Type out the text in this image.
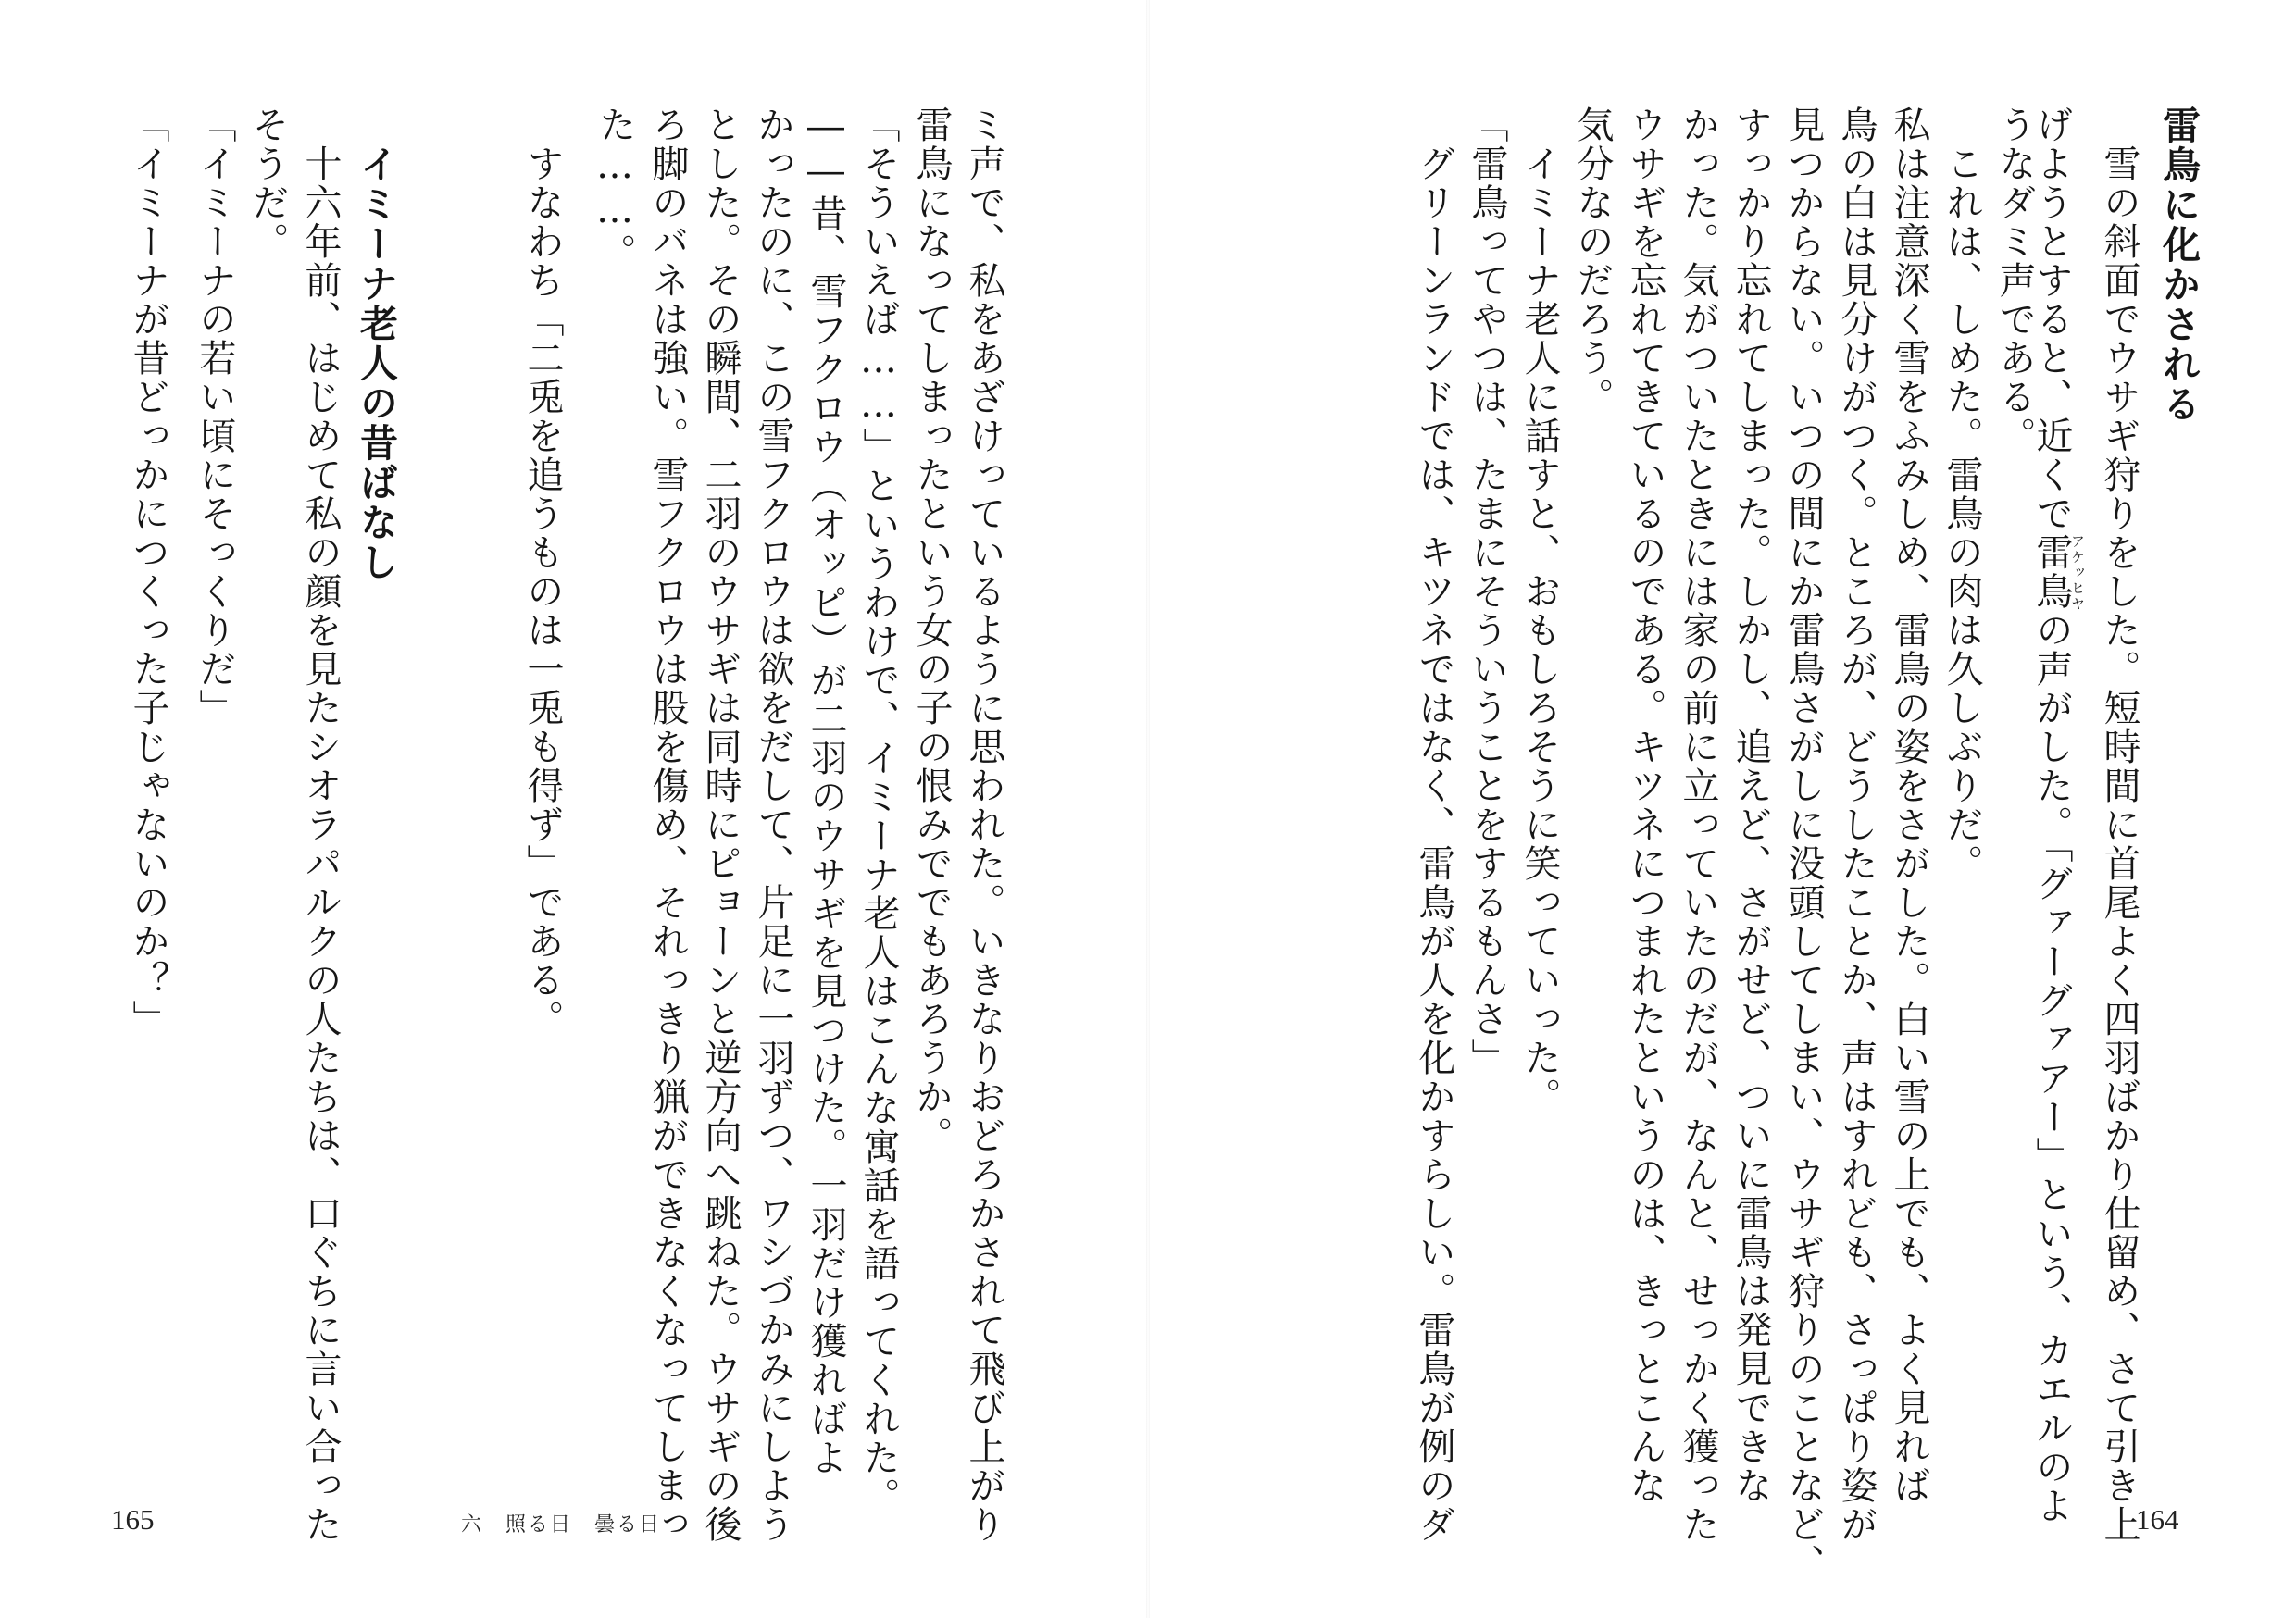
雷鳥に化かされる
雪の斜面でウサギ狩りをした。短時間に首尾よく四羽ばかり仕留め、さて引き上
げようとすると、近くで雷鳥アケッヒヤの声がした。「グァーグァアー」という、カエルのよ
うなダミ声である。
これは、しめた。雷鳥の肉は久しぶりだ。
私は注意深く雪をふみしめ、雷鳥の姿をさがした。白い雪の上でも、よく見れば
鳥の白は見分けがつく。ところが、どうしたことか、声はすれども、さっぱり姿が
見つからない。いつの間にか雷鳥さがしに没頭してしまい、ウサギ狩りのことなど、
すっかり忘れてしまった。しかし、追えど、さがせど、ついに雷鳥は発見できな
かった。気がついたときには家の前に立っていたのだが、なんと、せっかく獲った
ウサギを忘れてきているのである。キツネにつまれたというのは、きっとこんな
気分なのだろう。
イミーナ老人に話すと、おもしろそうに笑っていった。
「雷鳥ってやつは、たまにそういうことをするもんさ」
グリーンランドでは、キツネではなく、雷鳥が人を化かすらしい。雷鳥が例のダ	164
ミ声で、私をあざけっているように思われた。いきなりおどろかされて飛び上がり
雷鳥になってしまったという女の子の恨みででもあろうか。
「そういえば……」というわけで、イミーナ老人はこんな寓話を語ってくれた。
――昔、雪フクロウ（オッピ）が二羽のウサギを見つけた。一羽だけ獲ればよ
かったのに、この雪フクロウは欲をだして、片足に一羽ずつ、ワシづかみにしよう
とした。その瞬間、二羽のウサギは同時にピョーンと逆方向へ跳ねた。ウサギの後
ろ脚のバネは強い。雪フクロウは股を傷め、それっきり猟ができなくなってしまっ
た……。
すなわち「二兎を追うものは一兎も得ず」である。
イミーナ老人の昔ばなし
十六年前、はじめて私の顔を見たシオラパルクの人たちは、口ぐちに言い合った
そうだ。
「イミーナの若い頃にそっくりだ」
「イミーナが昔どっかにつくった子じゃないのか？」
165	六　照る日　曇る日
